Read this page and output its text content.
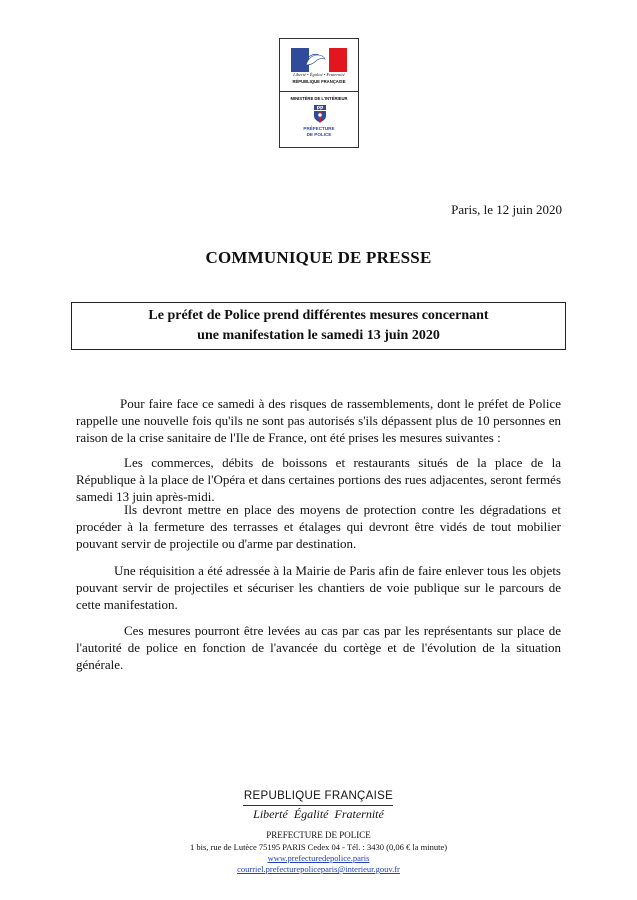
Liberté • Égalité • Fraternité
RÉPUBLIQUE FRANÇAISE
MINISTÈRE DE L'INTÉRIEUR
PP
PRÉFECTURE
DE POLICE
Paris, le 12 juin 2020
COMMUNIQUE DE PRESSE
Le préfet de Police prend différentes mesures concernant
une manifestation le samedi 13 juin 2020

Pour faire face ce samedi à des risques de rassemblements, dont le préfet de Police rappelle une nouvelle fois qu'ils ne sont pas autorisés s'ils dépassent plus de 10 personnes en raison de la crise sanitaire de l'Ile de France, ont été prises les mesures suivantes :

Les commerces, débits de boissons et restaurants situés de la place de la République à la place de l'Opéra et dans certaines portions des rues adjacentes, seront fermés samedi 13 juin après-midi.

Ils devront mettre en place des moyens de protection contre les dégradations et procéder à la fermeture des terrasses et étalages qui devront être vidés de tout mobilier pouvant servir de projectile ou d'arme par destination.

Une réquisition a été adressée à la Mairie de Paris afin de faire enlever tous les objets pouvant servir de projectiles et sécuriser les chantiers de voie publique sur le parcours de cette manifestation.

Ces mesures pourront être levées au cas par cas par les représentants sur place de l'autorité de police en fonction de l'avancée du cortège et de l'évolution de la situation générale.

REPUBLIQUE FRANÇAISE
Liberté Égalité Fraternité
PREFECTURE DE POLICE
1 bis, rue de Lutèce 75195 PARIS Cedex 04 - Tél. : 3430 (0,06 € la minute)
www.prefecturedepolice.paris
courriel.prefecturepoliceparis@interieur.gouv.fr
